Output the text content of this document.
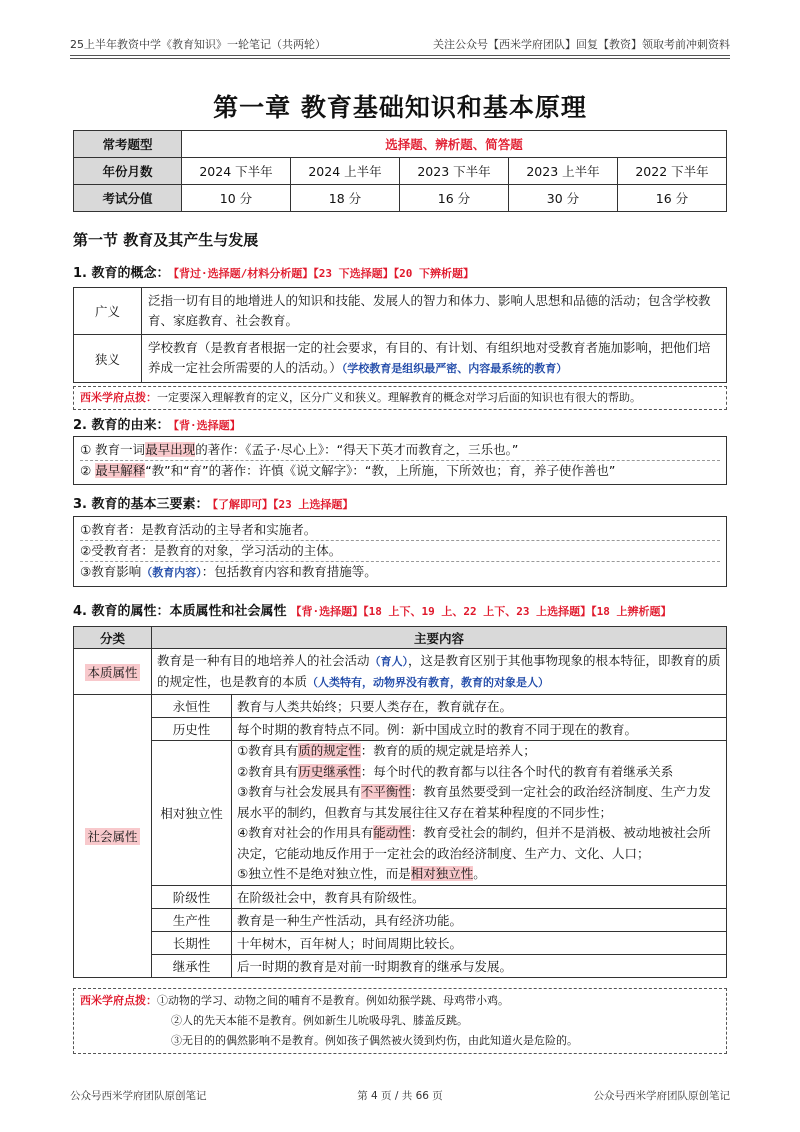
25上半年教资中学《教育知识》一轮笔记（共两轮）	关注公众号【西米学府团队】回复【教资】领取考前冲刺资料
第一章 教育基础知识和基本原理
常考题型	选择题、辨析题、简答题				
年份月数	2024 下半年	2024 上半年	2023 下半年	2023 上半年	2022 下半年
考试分值	10 分	18 分	16 分	30 分	16 分
第一节 教育及其产生与发展
1. 教育的概念： 【背过·选择题/材料分析题】【23 下选择题】【20 下辨析题】
广义	泛指一切有目的地增进人的知识和技能、发展人的智力和体力、影响人思想和品德的活动；包含学校教育、家庭教育、社会教育。
狭义	学校教育（是教育者根据一定的社会要求，有目的、有计划、有组织地对受教育者施加影响，把他们培养成一定社会所需要的人的活动。）（学校教育是组织最严密、内容最系统的教育）
西米学府点拨：一定要深入理解教育的定义，区分广义和狭义。理解教育的概念对学习后面的知识也有很大的帮助。
2. 教育的由来： 【背·选择题】
① 教育一词最早出现的著作：《孟子·尽心上》：“得天下英才而教育之，三乐也。”
② 最早解释“教”和“育”的著作：许慎《说文解字》：“教，上所施，下所效也；育，养子使作善也”
3. 教育的基本三要素： 【了解即可】【23 上选择题】
①教育者：是教育活动的主导者和实施者。
②受教育者：是教育的对象，学习活动的主体。
③教育影响（教育内容）：包括教育内容和教育措施等。
4. 教育的属性：本质属性和社会属性 【背·选择题】【18 上下、19 上、22 上下、23 上选择题】【18 上辨析题】
分类	主要内容	
本质属性	教育是一种有目的地培养人的社会活动（育人），这是教育区别于其他事物现象的根本特征，即教育的质的规定性，也是教育的本质（人类特有，动物界没有教育，教育的对象是人）	
社会属性	永恒性	教育与人类共始终；只要人类存在，教育就存在。
	历史性	每个时期的教育特点不同。例：新中国成立时的教育不同于现在的教育。
	相对独立性	①教育具有质的规定性：教育的质的规定就是培养人；
②教育具有历史继承性：每个时代的教育都与以往各个时代的教育有着继承关系
③教育与社会发展具有不平衡性：教育虽然要受到一定社会的政治经济制度、生产力发展水平的制约，但教育与其发展往往又存在着某种程度的不同步性；
④教育对社会的作用具有能动性：教育受社会的制约，但并不是消极、被动地被社会所决定，它能动地反作用于一定社会的政治经济制度、生产力、文化、人口；
⑤独立性不是绝对独立性，而是相对独立性。

	阶级性	在阶级社会中，教育具有阶级性。
	生产性	教育是一种生产性活动，具有经济功能。
	长期性	十年树木，百年树人；时间周期比较长。
	继承性	后一时期的教育是对前一时期教育的继承与发展。
西米学府点拨：①动物的学习、动物之间的哺育不是教育。例如幼猴学跳、母鸡带小鸡。
②人的先天本能不是教育。例如新生儿吮吸母乳、膝盖反跳。
③无目的的偶然影响不是教育。例如孩子偶然被火烫到灼伤，由此知道火是危险的。
公众号西米学府团队原创笔记	第 4 页 / 共 66 页	公众号西米学府团队原创笔记
